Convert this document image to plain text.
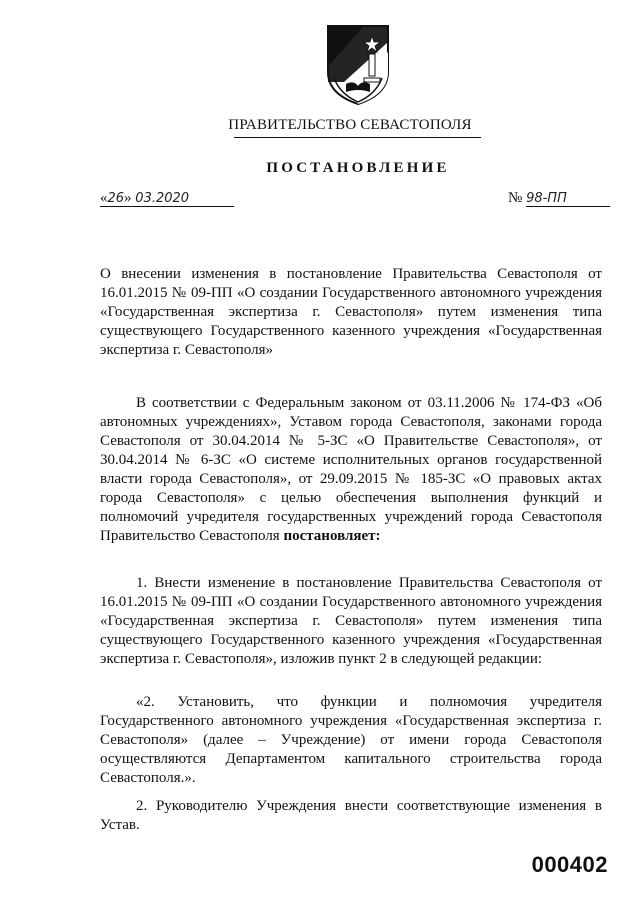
ПРАВИТЕЛЬСТВО СЕВАСТОПОЛЯ
ПОСТАНОВЛЕНИЕ
«26» 03.2020	№ 98-ПП

О внесении изменения в постановление Правительства Севастополя от 16.01.2015 № 09-ПП «О создании Государственного автономного учреждения «Государственная экспертиза г. Севастополя» путем изменения типа существующего Государственного казенного учреждения «Государственная экспертиза г. Севастополя»

В соответствии с Федеральным законом от 03.11.2006 № 174-ФЗ «Об автономных учреждениях», Уставом города Севастополя, законами города Севастополя от 30.04.2014 № 5-ЗС «О Правительстве Севастополя», от 30.04.2014 № 6-ЗС «О системе исполнительных органов государственной власти города Севастополя», от 29.09.2015 № 185-ЗС «О правовых актах города Севастополя» с целью обеспечения выполнения функций и полномочий учредителя государственных учреждений города Севастополя Правительство Севастополя постановляет:

1. Внести изменение в постановление Правительства Севастополя от 16.01.2015 № 09-ПП «О создании Государственного автономного учреждения «Государственная экспертиза г. Севастополя» путем изменения типа существующего Государственного казенного учреждения «Государственная экспертиза г. Севастополя», изложив пункт 2 в следующей редакции:

«2. Установить, что функции и полномочия учредителя Государственного автономного учреждения «Государственная экспертиза г. Севастополя» (далее – Учреждение) от имени города Севастополя осуществляются Департаментом капитального строительства города Севастополя.».

2. Руководителю Учреждения внести соответствующие изменения в Устав.

000402
